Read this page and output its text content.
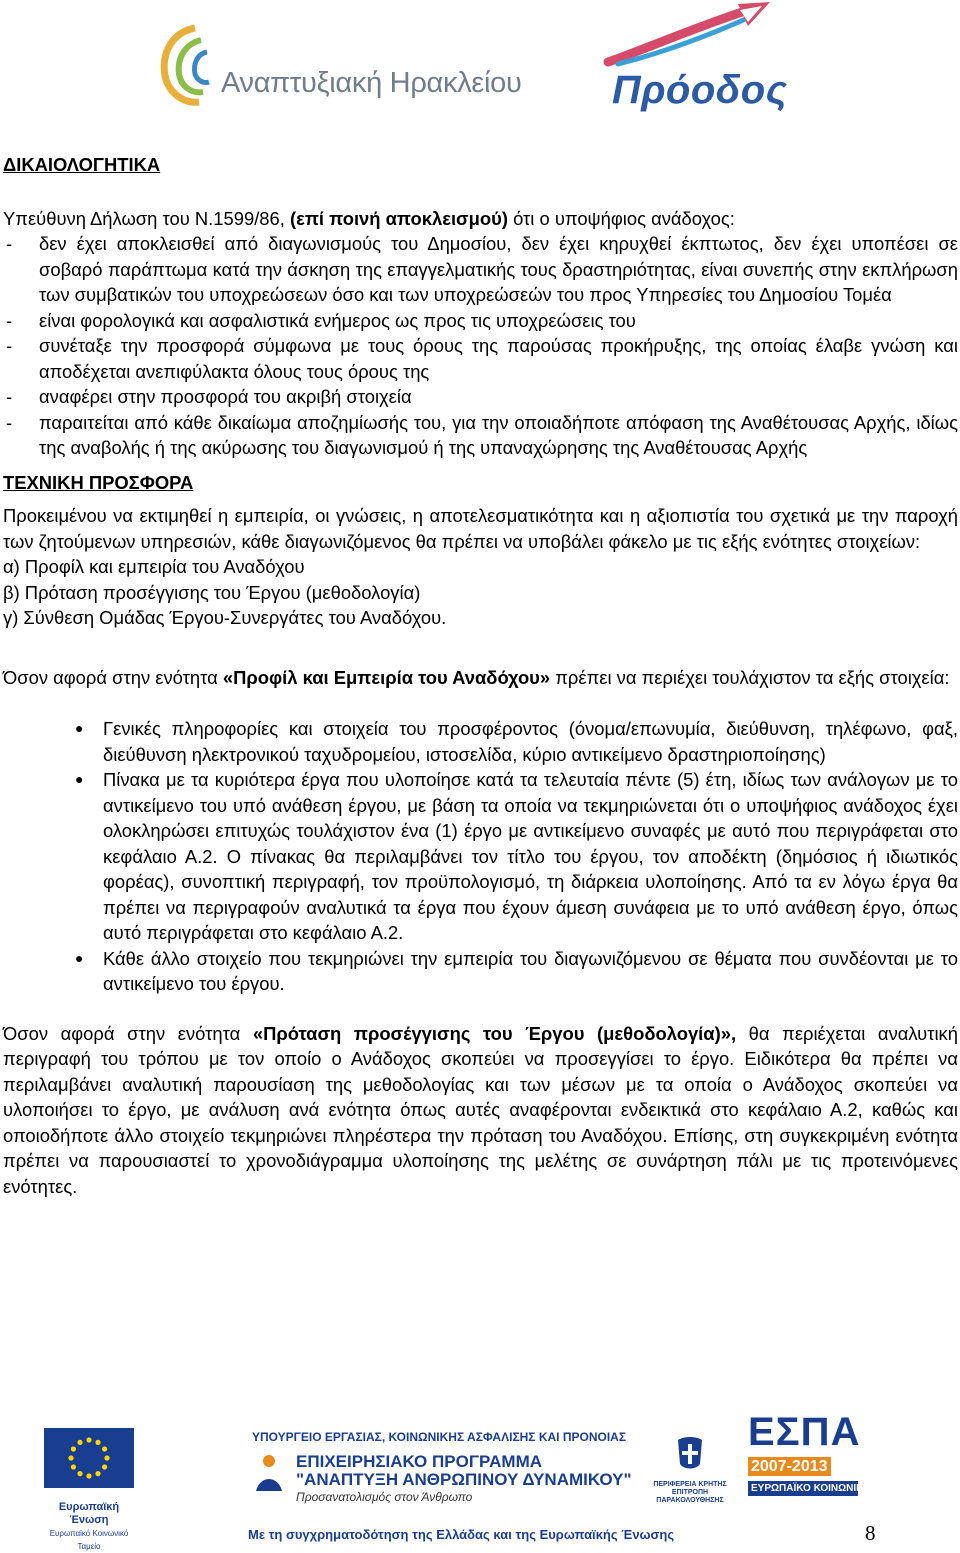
Αναπτυξιακή Ηρακλείου Πρόοδος
ΔΙΚΑΙΟΛΟΓΗΤΙΚΑ

Υπεύθυνη Δήλωση του Ν.1599/86, (επί ποινή αποκλεισμού) ότι ο υποψήφιος ανάδοχος:

-	δεν έχει αποκλεισθεί από διαγωνισμούς του Δημοσίου, δεν έχει κηρυχθεί έκπτωτος, δεν έχει υποπέσει σε σοβαρό παράπτωμα κατά την άσκηση της επαγγελματικής τους δραστηριότητας, είναι συνεπής στην εκπλήρωση των συμβατικών του υποχρεώσεων όσο και των υποχρεώσεών του προς Υπηρεσίες του Δημοσίου Τομέα
-	είναι φορολογικά και ασφαλιστικά ενήμερος ως προς τις υποχρεώσεις του
-	συνέταξε την προσφορά σύμφωνα με τους όρους της παρούσας προκήρυξης, της οποίας έλαβε γνώση και αποδέχεται ανεπιφύλακτα όλους τους όρους της
-	αναφέρει στην προσφορά του ακριβή στοιχεία
-	παραιτείται από κάθε δικαίωμα αποζημίωσής του, για την οποιαδήποτε απόφαση της Αναθέτουσας Αρχής, ιδίως της αναβολής ή της ακύρωσης του διαγωνισμού ή της υπαναχώρησης της Αναθέτουσας Αρχής
ΤΕΧΝΙΚΗ ΠΡΟΣΦΟΡΑ

Προκειμένου να εκτιμηθεί η εμπειρία, οι γνώσεις, η αποτελεσματικότητα και η αξιοπιστία του σχετικά με την παροχή των ζητούμενων υπηρεσιών, κάθε διαγωνιζόμενος θα πρέπει να υποβάλει φάκελο με τις εξής ενότητες στοιχείων:

α) Προφίλ και εμπειρία του Αναδόχου

β) Πρόταση προσέγγισης του Έργου (μεθοδολογία)

γ) Σύνθεση Ομάδας Έργου-Συνεργάτες του Αναδόχου.

Όσον αφορά στην ενότητα «Προφίλ και Εμπειρία του Αναδόχου» πρέπει να περιέχει τουλάχιστον τα εξής στοιχεία:

●	Γενικές πληροφορίες και στοιχεία του προσφέροντος (όνομα/επωνυμία, διεύθυνση, τηλέφωνο, φαξ, διεύθυνση ηλεκτρονικού ταχυδρομείου, ιστοσελίδα, κύριο αντικείμενο δραστηριοποίησης)
●	Πίνακα με τα κυριότερα έργα που υλοποίησε κατά τα τελευταία πέντε (5) έτη, ιδίως των ανάλογων με το αντικείμενο του υπό ανάθεση έργου, με βάση τα οποία να τεκμηριώνεται ότι ο υποψήφιος ανάδοχος έχει ολοκληρώσει επιτυχώς τουλάχιστον ένα (1) έργο με αντικείμενο συναφές με αυτό που περιγράφεται στο κεφάλαιο Α.2. Ο πίνακας θα περιλαμβάνει τον τίτλο του έργου, τον αποδέκτη (δημόσιος ή ιδιωτικός φορέας), συνοπτική περιγραφή, τον προϋπολογισμό, τη διάρκεια υλοποίησης. Από τα εν λόγω έργα θα πρέπει να περιγραφούν αναλυτικά τα έργα που έχουν άμεση συνάφεια με το υπό ανάθεση έργο, όπως αυτό περιγράφεται στο κεφάλαιο Α.2.
●	Κάθε άλλο στοιχείο που τεκμηριώνει την εμπειρία του διαγωνιζόμενου σε θέματα που συνδέονται με το αντικείμενο του έργου.

Όσον αφορά στην ενότητα «Πρόταση προσέγγισης του Έργου (μεθοδολογία)», θα περιέχεται αναλυτική περιγραφή του τρόπου με τον οποίο ο Ανάδοχος σκοπεύει να προσεγγίσει το έργο. Ειδικότερα θα πρέπει να περιλαμβάνει αναλυτική παρουσίαση της μεθοδολογίας και των μέσων με τα οποία ο Ανάδοχος σκοπεύει να υλοποιήσει το έργο, με ανάλυση ανά ενότητα όπως αυτές αναφέρονται ενδεικτικά στο κεφάλαιο Α.2, καθώς και οποιοδήποτε άλλο στοιχείο τεκμηριώνει πληρέστερα την πρόταση του Αναδόχου. Επίσης, στη συγκεκριμένη ενότητα πρέπει να παρουσιαστεί το χρονοδιάγραμμα υλοποίησης της μελέτης σε συνάρτηση πάλι με τις προτεινόμενες ενότητες.

Ευρωπαϊκή Ένωση
Ευρωπαϊκό Κοινωνικό Ταμείο
ΥΠΟΥΡΓΕΙΟ ΕΡΓΑΣΙΑΣ, ΚΟΙΝΩΝΙΚΗΣ ΑΣΦΑΛΙΣΗΣ ΚΑΙ ΠΡΟΝΟΙΑΣ
ΕΠΙΧΕΙΡΗΣΙΑΚΟ ΠΡΟΓΡΑΜΜΑ
"ΑΝΑΠΤΥΞΗ ΑΝΘΡΩΠΙΝΟΥ ΔΥΝΑΜΙΚΟΥ"
Προσανατολισμός στον Άνθρωπο
ΠΕΡΙΦΕΡΕΙΑ ΚΡΗΤΗΣ ΕΠΙΤΡΟΠΗ ΠΑΡΑΚΟΛΟΥΘΗΣΗΣ
ΕΣΠΑ
2007-2013
ΕΥΡΩΠΑΪΚΟ ΚΟΙΝΩΝΙΚΟ ΤΑΜΕΙΟ
Με τη συγχρηματοδότηση της Ελλάδας και της Ευρωπαϊκής Ένωσης	8
